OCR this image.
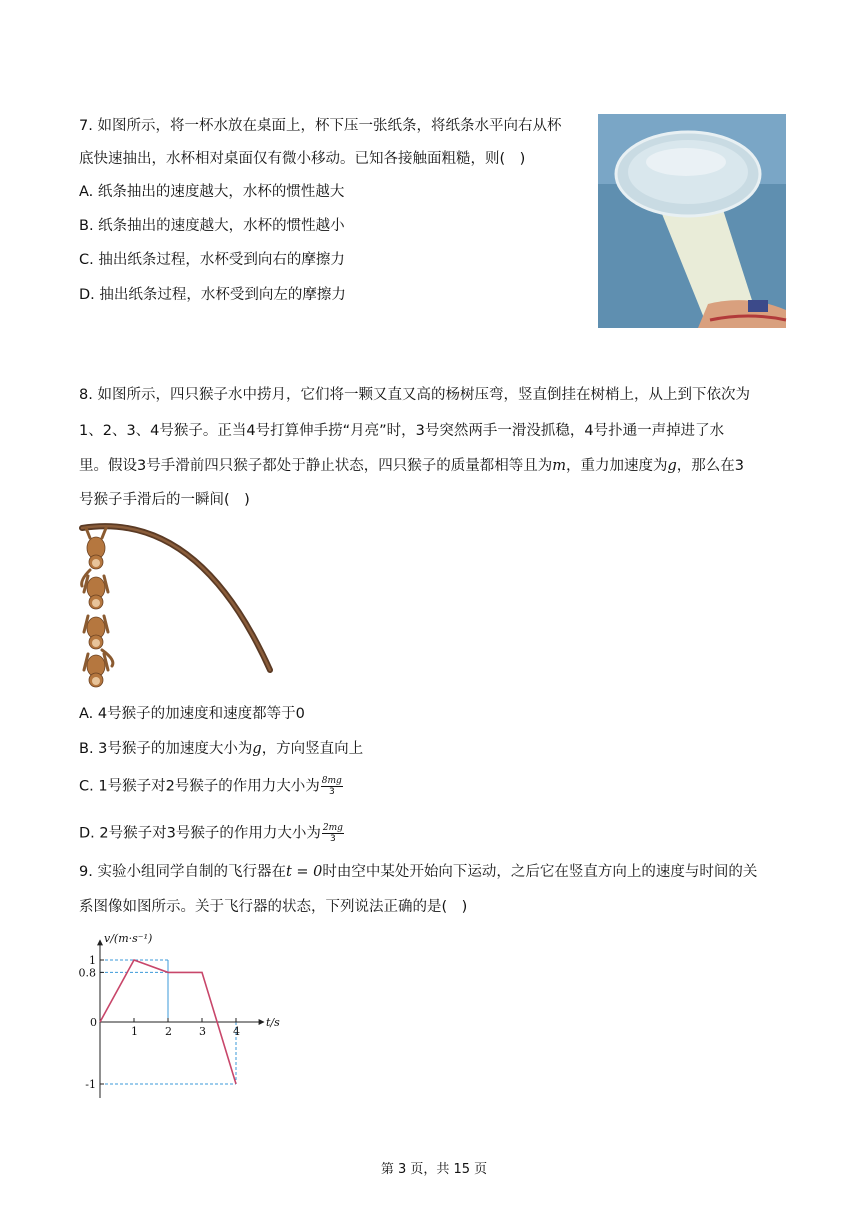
7. 如图所示，将一杯水放在桌面上，杯下压一张纸条，将纸条水平向右从杯
底快速抽出，水杯相对桌面仅有微小移动。已知各接触面粗糙，则(　)
A. 纸条抽出的速度越大，水杯的惯性越大
B. 纸条抽出的速度越大，水杯的惯性越小
C. 抽出纸条过程，水杯受到向右的摩擦力
D. 抽出纸条过程，水杯受到向左的摩擦力
8. 如图所示，四只猴子水中捞月，它们将一颗又直又高的杨树压弯，竖直倒挂在树梢上，从上到下依次为
1、2、3、4号猴子。正当4号打算伸手捞“月亮”时，3号突然两手一滑没抓稳，4号扑通一声掉进了水
里。假设3号手滑前四只猴子都处于静止状态，四只猴子的质量都相等且为m，重力加速度为g，那么在3
号猴子手滑后的一瞬间(　)
A. 4号猴子的加速度和速度都等于0
B. 3号猴子的加速度大小为g，方向竖直向上
C. 1号猴子对2号猴子的作用力大小为 $\frac{8mg}{3}$
D. 2号猴子对3号猴子的作用力大小为 $\frac{2mg}{3}$
9. 实验小组同学自制的飞行器在t = 0时由空中某处开始向下运动，之后它在竖直方向上的速度与时间的关
系图像如图所示。关于飞行器的状态，下列说法正确的是(　)
0
1 2 3 4
1
0.8
-1
v/(m·s⁻¹)
t/s
第 3 页，共 15 页
